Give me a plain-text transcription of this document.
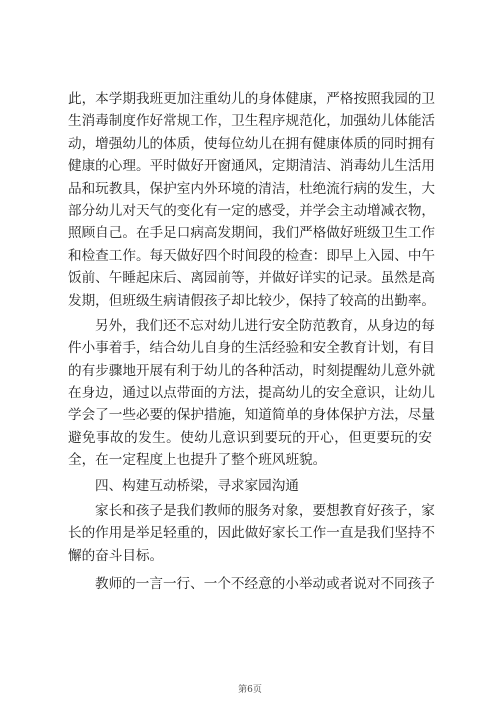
此，本学期我班更加注重幼儿的身体健康，严格按照我园的卫
生消毒制度作好常规工作，卫生程序规范化，加强幼儿体能活
动，增强幼儿的体质，使每位幼儿在拥有健康体质的同时拥有
健康的心理。平时做好开窗通风，定期清洁、消毒幼儿生活用
品和玩教具，保护室内外环境的清洁，杜绝流行病的发生，大
部分幼儿对天气的变化有一定的感受，并学会主动增减衣物，
照顾自己。在手足口病高发期间，我们严格做好班级卫生工作
和检查工作。每天做好四个时间段的检查：即早上入园、中午
饭前、午睡起床后、离园前等，并做好详实的记录。虽然是高
发期，但班级生病请假孩子却比较少，保持了较高的出勤率。
另外，我们还不忘对幼儿进行安全防范教育，从身边的每
件小事着手，结合幼儿自身的生活经验和安全教育计划，有目
的有步骤地开展有利于幼儿的各种活动，时刻提醒幼儿意外就
在身边，通过以点带面的方法，提高幼儿的安全意识，让幼儿
学会了一些必要的保护措施，知道简单的身体保护方法，尽量
避免事故的发生。使幼儿意识到要玩的开心，但更要玩的安
全，在一定程度上也提升了整个班风班貌。
四、构建互动桥梁，寻求家园沟通
家长和孩子是我们教师的服务对象，要想教育好孩子，家
长的作用是举足轻重的，因此做好家长工作一直是我们坚持不
懈的奋斗目标。
教师的一言一行、一个不经意的小举动或者说对不同孩子
第6页
